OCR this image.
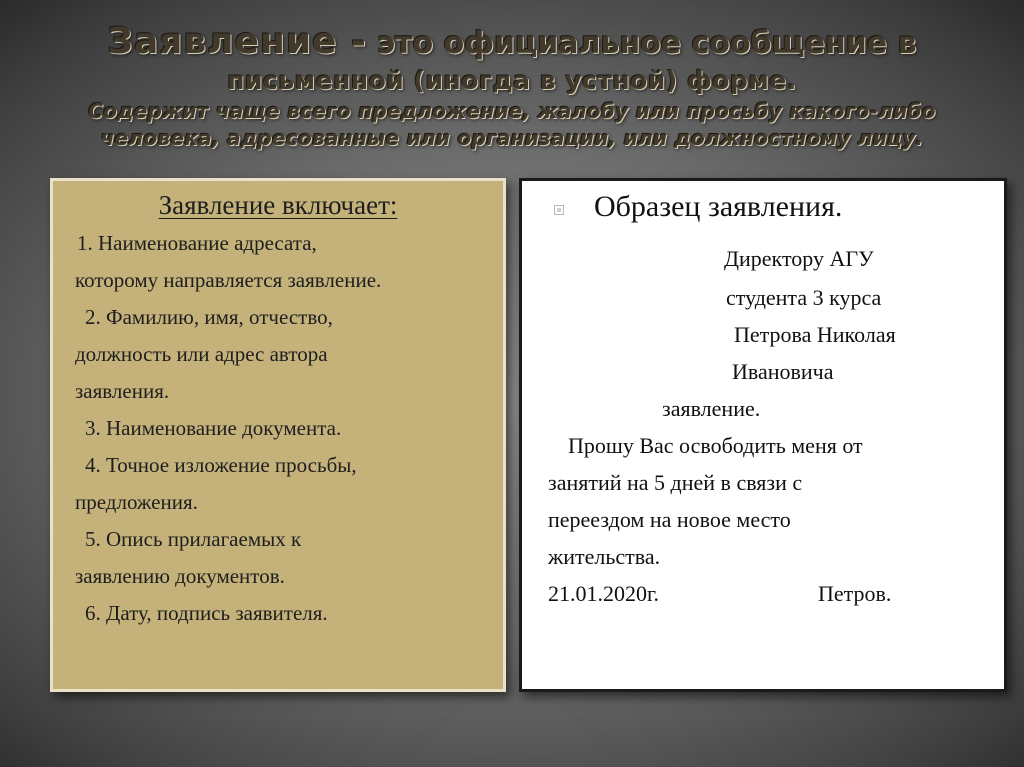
Заявление - это официальное сообщение в
письменной (иногда в устной) форме.
Содержит чаще всего предложение, жалобу или просьбу какого-либо
человека, адресованные или организации, или должностному лицу.
Заявление включает:
1. Наименование адресата,
которому направляется заявление.
2. Фамилию, имя, отчество,
должность или адрес автора
заявления.
3. Наименование документа.
4. Точное изложение просьбы,
предложения.
5. Опись прилагаемых к
заявлению документов.
6. Дату, подпись заявителя.
Образец заявления.
Директору АГУ
студента 3 курса
Петрова Николая
Ивановича
заявление.
Прошу Вас освободить меня от
занятий на 5 дней в связи с
переездом на новое место
жительства.
21.01.2020г.	Петров.
